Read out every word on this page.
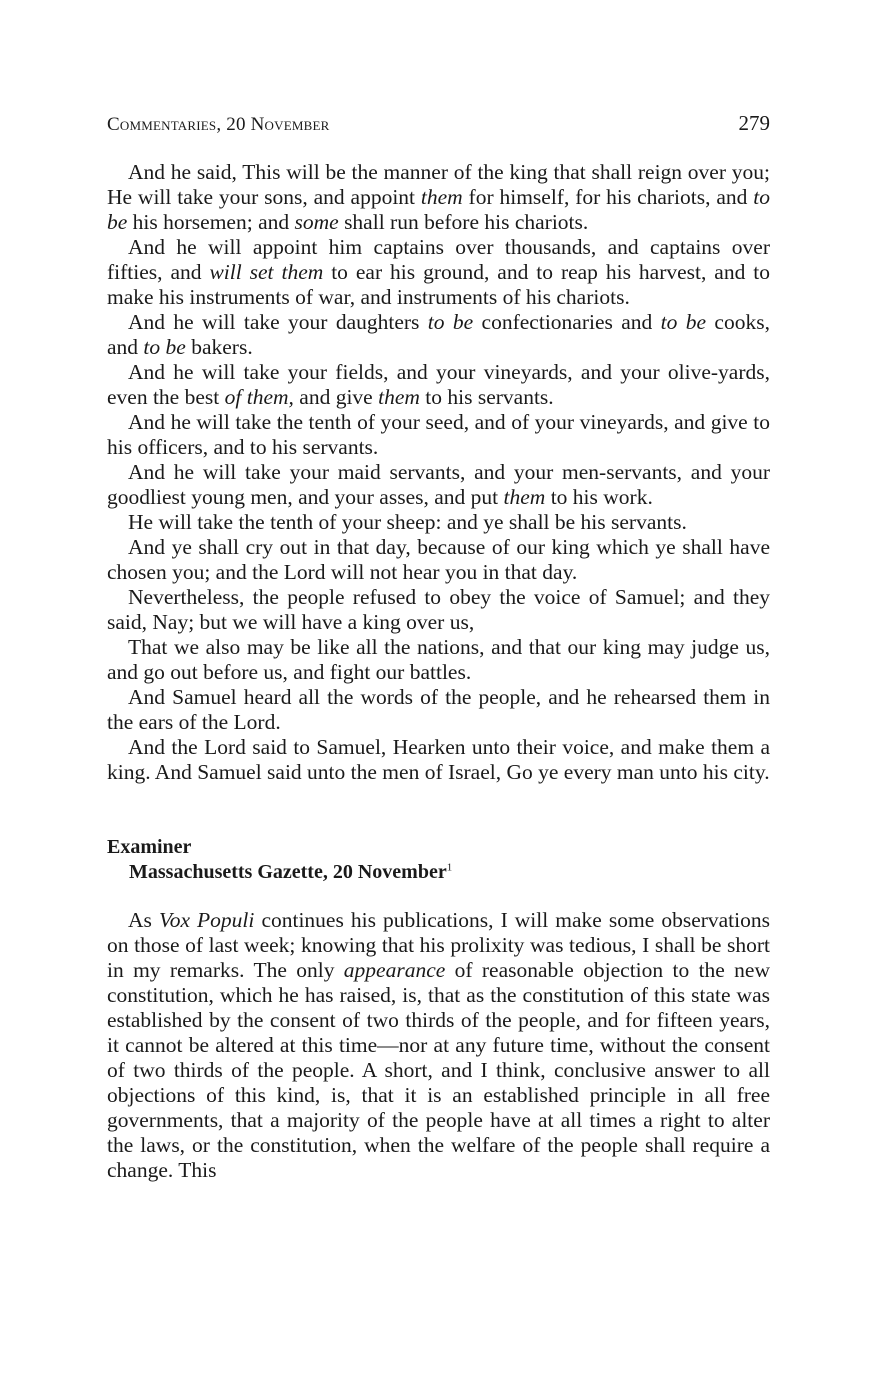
Commentaries, 20 November	279

And he said, This will be the manner of the king that shall reign over you; He will take your sons, and appoint them for himself, for his chariots, and to be his horsemen; and some shall run before his chariots.

And he will appoint him captains over thousands, and captains over fifties, and will set them to ear his ground, and to reap his harvest, and to make his instruments of war, and instruments of his chariots.

And he will take your daughters to be confectionaries and to be cooks, and to be bakers.

And he will take your fields, and your vineyards, and your olive-yards, even the best of them, and give them to his servants.

And he will take the tenth of your seed, and of your vineyards, and give to his officers, and to his servants.

And he will take your maid servants, and your men-servants, and your goodliest young men, and your asses, and put them to his work.

He will take the tenth of your sheep: and ye shall be his servants.

And ye shall cry out in that day, because of our king which ye shall have chosen you; and the Lord will not hear you in that day.

Nevertheless, the people refused to obey the voice of Samuel; and they said, Nay; but we will have a king over us,

That we also may be like all the nations, and that our king may judge us, and go out before us, and fight our battles.

And Samuel heard all the words of the people, and he rehearsed them in the ears of the Lord.

And the Lord said to Samuel, Hearken unto their voice, and make them a king. And Samuel said unto the men of Israel, Go ye every man unto his city.

Examiner
Massachusetts Gazette, 20 November$^1$

As Vox Populi continues his publications, I will make some observations on those of last week; knowing that his prolixity was tedious, I shall be short in my remarks. The only appearance of reasonable objection to the new constitution, which he has raised, is, that as the constitution of this state was established by the consent of two thirds of the people, and for fifteen years, it cannot be altered at this time—nor at any future time, without the consent of two thirds of the people. A short, and I think, conclusive answer to all objections of this kind, is, that it is an established principle in all free governments, that a majority of the people have at all times a right to alter the laws, or the constitution, when the welfare of the people shall require a change. This
